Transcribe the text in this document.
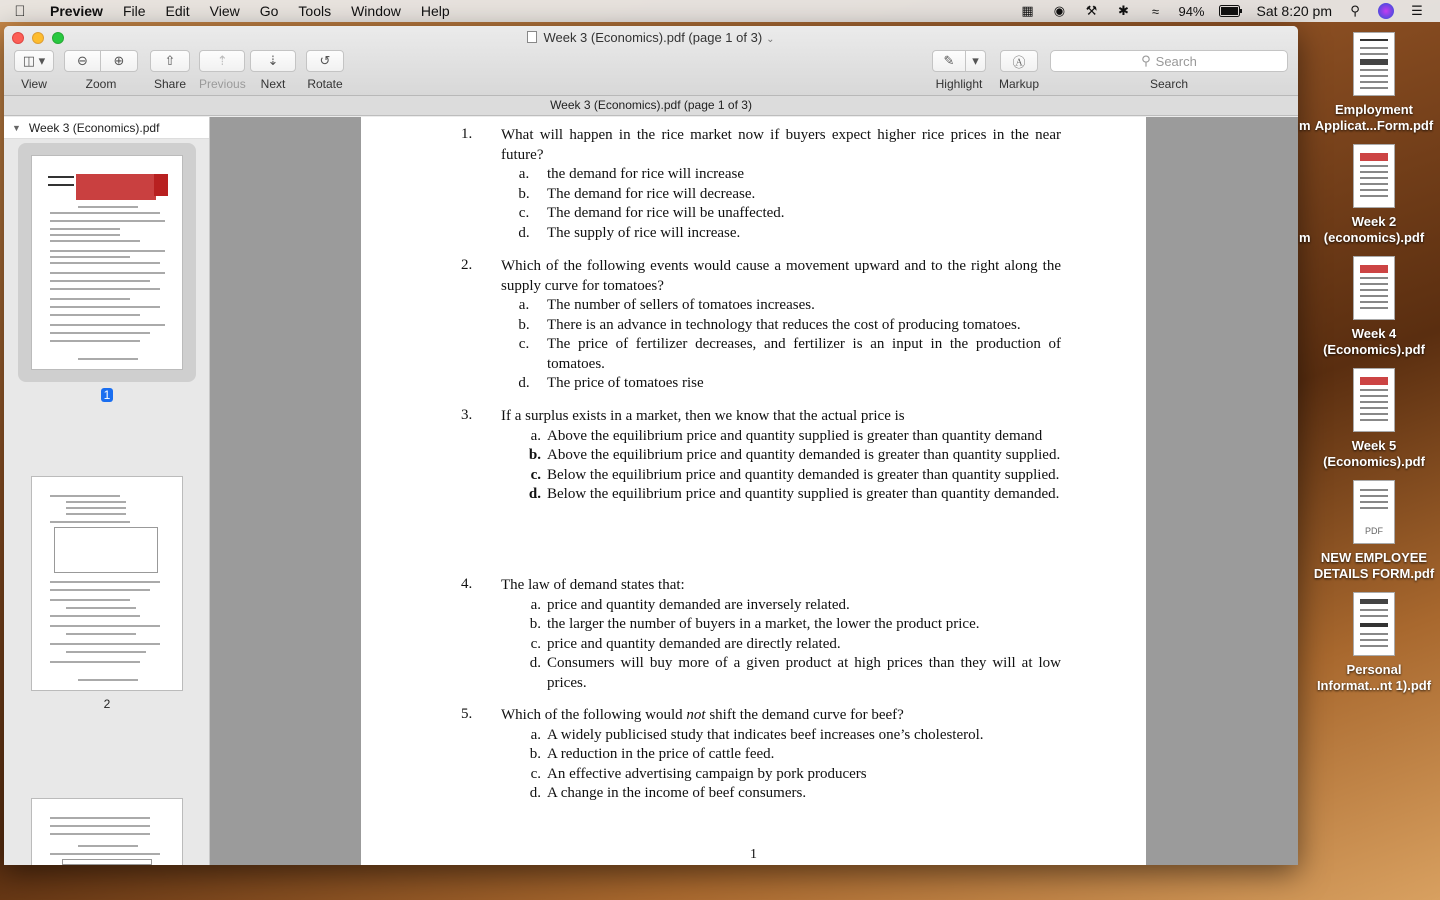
Preview	File	Edit	View	Go	Tools	Window	Help	▦ ◉ ⚒ ✱	≈	94%	Sat 8:20 pm	⚲	☰
Week 3 (Economics).pdf (page 1 of 3) ⌄
◫ ▾
View
⊖	⊕
Zoom
⇧
Share
⇡
Previous
⇣
Next
↺
Rotate
✎	▾
Highlight
Ⓐ
Markup
⚲ Search
Search
Week 3 (Economics).pdf (page 1 of 3)
▼ Week 3 (Economics).pdf
1
2
1. What will happen in the rice market now if buyers expect higher rice prices in the near future?
a.	the demand for rice will increase
b.	The demand for rice will decrease.
c.	The demand for rice will be unaffected.
d.	The supply of rice will increase.
2. Which of the following events would cause a movement upward and to the right along the supply curve for tomatoes?
a.	The number of sellers of tomatoes increases.
b.	There is an advance in technology that reduces the cost of producing tomatoes.
c.	The price of fertilizer decreases, and fertilizer is an input in the production of tomatoes.
d.	The price of tomatoes rise
3. If a surplus exists in a market, then we know that the actual price is
a. Above the equilibrium price and quantity supplied is greater than quantity demand
b. Above the equilibrium price and quantity demanded is greater than quantity supplied.
c. Below the equilibrium price and quantity demanded is greater than quantity supplied.
d. Below the equilibrium price and quantity supplied is greater than quantity demanded.
4. The law of demand states that:
a. price and quantity demanded are inversely related.
b. the larger the number of buyers in a market, the lower the product price.
c. price and quantity demanded are directly related.
d. Consumers will buy more of a given product at high prices than they will at low prices.
5. Which of the following would not shift the demand curve for beef?
a. A widely publicised study that indicates beef increases one’s cholesterol.
b. A reduction in the price of cattle feed.
c. An effective advertising campaign by pork producers
d. A change in the income of beef consumers.
1
m
m
Employment
Applicat...Form.pdf
Week 2
(economics).pdf
Week 4
(Economics).pdf
Week 5
(Economics).pdf
PDF
NEW EMPLOYEE
DETAILS FORM.pdf
Personal
Informat...nt 1).pdf
